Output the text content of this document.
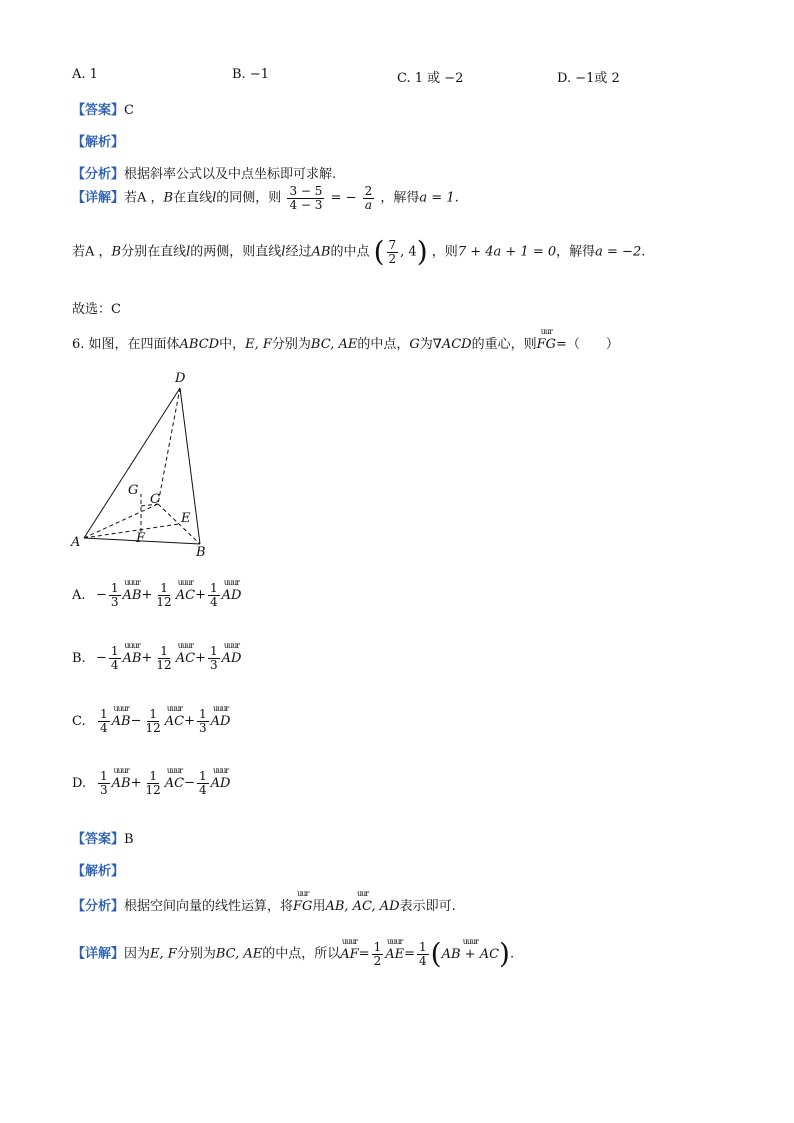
A. 1	B. −1	C. 1 或 −2	D. −1或 2
【答案】C
【解析】
【分析】根据斜率公式以及中点坐标即可求解.
【详解】若A ，B在直线l的同侧，则 $\frac{3 - 5}{4 - 3}$ = − $\frac{2}{a}$ ，解得a = 1.
若A ，B分别在直线l的两侧，则直线l经过AB的中点 ( $\frac{7}{2}$ , 4) ，则7 + 4a + 1 = 0，解得a = −2.
故选：C
6. 如图，在四面体ABCD中，E, F分别为BC, AE的中点，G为∇ACD的重心，则
uur
FG=（　　）
D
G
C
E
A	F
B
A. − $\frac{1}{3}$ uuur
$AB+ \frac{1}{12}$ uuur
$AC+ \frac{1}{4}$ uuur
AD
B. − $\frac{1}{4}$ uuur
$AB+ \frac{1}{12}$ uuur
$AC+ \frac{1}{3}$ uuur
AD
C. $\frac{1}{4}$ uuur
$AB- \frac{1}{12}$ uuur
$AC+ \frac{1}{3}$ uuur
AD
D. $\frac{1}{3}$ uuur
$AB+ \frac{1}{12}$ uuur
$AC- \frac{1}{4}$ uuur
AD
【答案】B
【解析】
【分析】根据空间向量的线性运算，将
uur
FG用
uur
AB, AC, AD表示即可.
【详解】因为E, F分别为BC, AE的中点，所以
uuur
$AF= \frac{1}{2}$ uuur
$AE= \frac{1}{4}$ (	uuur
AB + AC).
